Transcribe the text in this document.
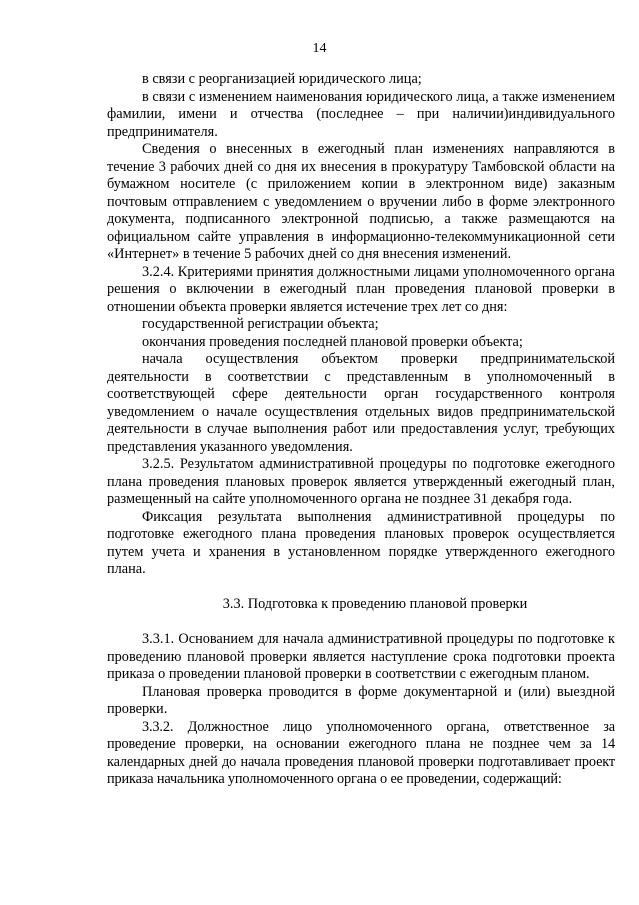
14

в связи с реорганизацией юридического лица;

в связи с изменением наименования юридического лица, а также изменением фамилии, имени и отчества (последнее – при наличии)индивидуального предпринимателя.

Сведения о внесенных в ежегодный план изменениях направляются в течение 3 рабочих дней со дня их внесения в прокуратуру Тамбовской области на бумажном носителе (с приложением копии в электронном виде) заказным почтовым отправлением с уведомлением о вручении либо в форме электронного документа, подписанного электронной подписью, а также размещаются на официальном сайте управления в информационно-телекоммуникационной сети «Интернет» в течение 5 рабочих дней со дня внесения изменений.

3.2.4. Критериями принятия должностными лицами уполномоченного органа решения о включении в ежегодный план проведения плановой проверки в отношении объекта проверки является истечение трех лет со дня:

государственной регистрации объекта;

окончания проведения последней плановой проверки объекта;

начала осуществления объектом проверки предпринимательской деятельности в соответствии с представленным в уполномоченный в соответствующей сфере деятельности орган государственного контроля уведомлением о начале осуществления отдельных видов предпринимательской деятельности в случае выполнения работ или предоставления услуг, требующих представления указанного уведомления.

3.2.5. Результатом административной процедуры по подготовке ежегодного плана проведения плановых проверок является утвержденный ежегодный план, размещенный на сайте уполномоченного органа не позднее 31 декабря года.

Фиксация результата выполнения административной процедуры по подготовке ежегодного плана проведения плановых проверок осуществляется путем учета и хранения в установленном порядке утвержденного ежегодного плана.

3.3. Подготовка к проведению плановой проверки

3.3.1. Основанием для начала административной процедуры по подготовке к проведению плановой проверки является наступление срока подготовки проекта приказа о проведении плановой проверки в соответствии с ежегодным планом.

Плановая проверка проводится в форме документарной и (или) выездной проверки.

3.3.2. Должностное лицо уполномоченного органа, ответственное за проведение проверки, на основании ежегодного плана не позднее чем за 14 календарных дней до начала проведения плановой проверки подготавливает проект приказа начальника уполномоченного органа о ее проведении, содержащий:
